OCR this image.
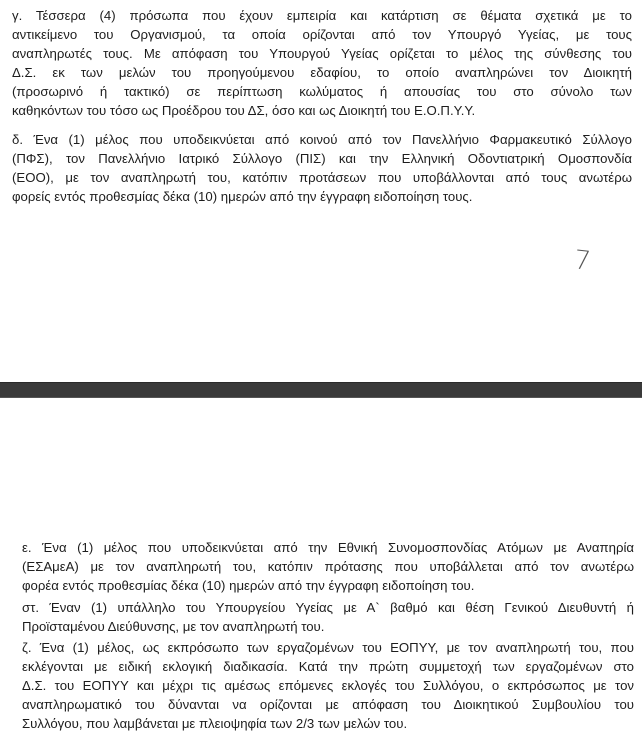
γ. Τέσσερα (4) πρόσωπα που έχουν εμπειρία και κατάρτιση σε θέματα σχετικά με το
αντικείμενο του Οργανισμού, τα οποία ορίζονται από τον Υπουργό Υγείας, με τους
αναπληρωτές τους. Με απόφαση του Υπουργού Υγείας ορίζεται το μέλος της σύνθεσης του
Δ.Σ. εκ των μελών του προηγούμενου εδαφίου, το οποίο αναπληρώνει τον Διοικητή
(προσωρινό ή τακτικό) σε περίπτωση κωλύματος ή απουσίας του στο σύνολο των
καθηκόντων του τόσο ως Προέδρου του ΔΣ, όσο και ως Διοικητή του Ε.Ο.Π.Υ.Υ.

δ. Ένα (1) μέλος που υποδεικνύεται από κοινού από τον Πανελλήνιο Φαρμακευτικό Σύλλογο
(ΠΦΣ), τον Πανελλήνιο Ιατρικό Σύλλογο (ΠΙΣ) και την Ελληνική Οδοντιατρική Ομοσπονδία
(ΕΟΟ), με τον αναπληρωτή του, κατόπιν προτάσεων που υποβάλλονται από τους ανωτέρω
φορείς εντός προθεσμίας δέκα (10) ημερών από την έγγραφη ειδοποίηση τους.

7

ε. Ένα (1) μέλος που υποδεικνύεται από την Εθνική Συνομοσπονδίας Ατόμων με Αναπηρία
(ΕΣΑμεΑ) με τον αναπληρωτή του, κατόπιν πρότασης που υποβάλλεται από τον ανωτέρω
φορέα εντός προθεσμίας δέκα (10) ημερών από την έγγραφη ειδοποίηση του.

στ. Έναν (1) υπάλληλο του Υπουργείου Υγείας με Α` βαθμό και θέση Γενικού Διευθυντή ή
Προϊσταμένου Διεύθυνσης, με τον αναπληρωτή του.

ζ. Ένα (1) μέλος, ως εκπρόσωπο των εργαζομένων του ΕΟΠΥΥ, με τον αναπληρωτή του, που
εκλέγονται με ειδική εκλογική διαδικασία. Κατά την πρώτη συμμετοχή των εργαζομένων στο
Δ.Σ. του ΕΟΠΥΥ και μέχρι τις αμέσως επόμενες εκλογές του Συλλόγου, ο εκπρόσωπος με τον
αναπληρωματικό του δύνανται να ορίζονται με απόφαση του Διοικητικού Συμβουλίου του
Συλλόγου, που λαμβάνεται με πλειοψηφία των 2/3 των μελών του.
